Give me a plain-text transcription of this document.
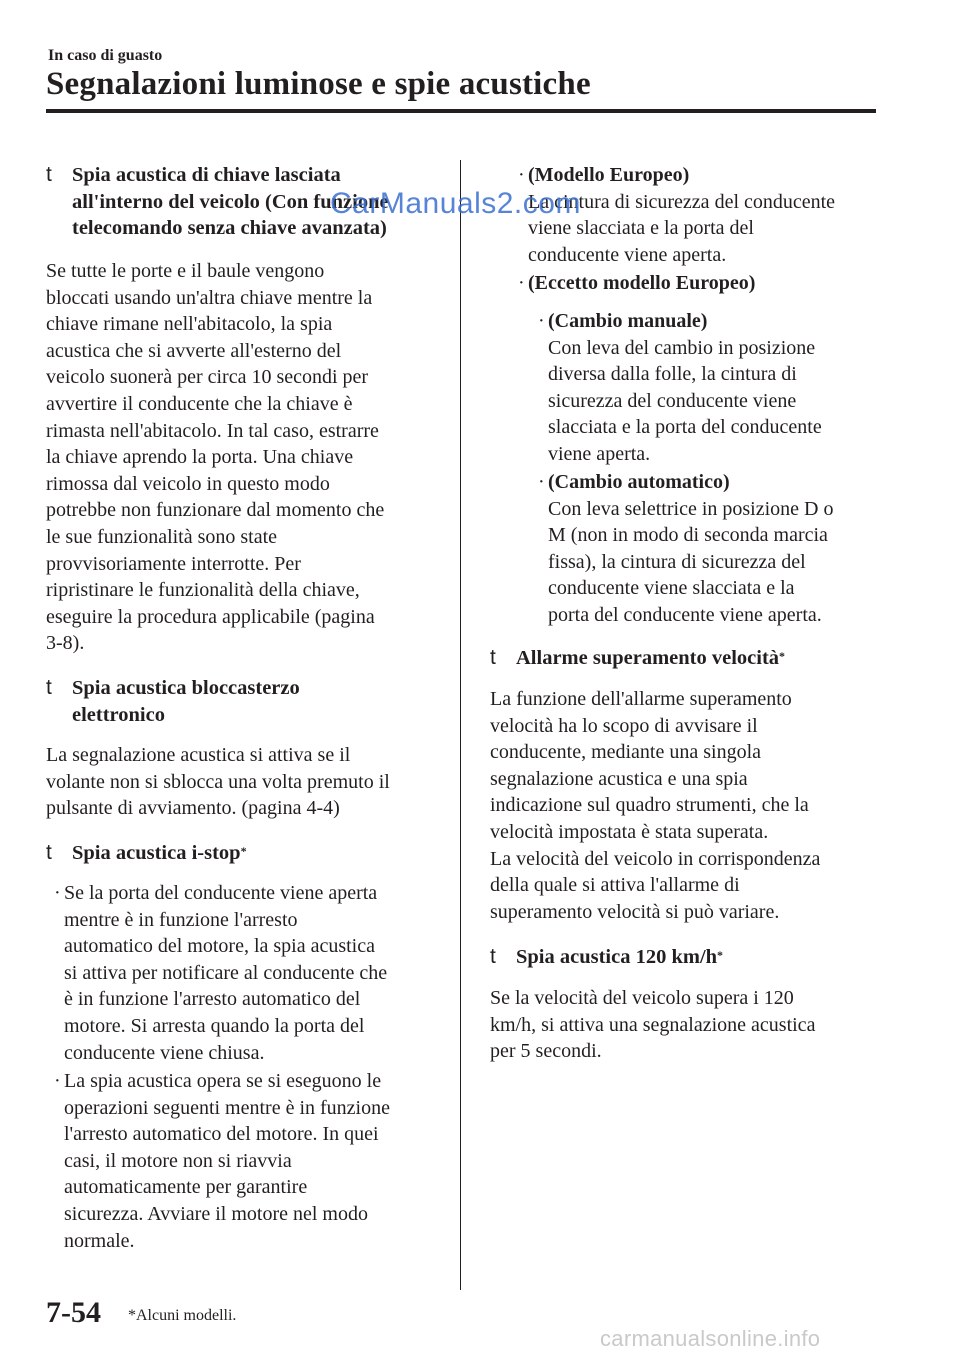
In caso di guasto
Segnalazioni luminose e spie acustiche
t Spia acustica di chiave lasciata
all'interno del veicolo (Con funzione
telecomando senza chiave avanzata)
Se tutte le porte e il baule vengono
bloccati usando un'altra chiave mentre la
chiave rimane nell'abitacolo, la spia
acustica che si avverte all'esterno del
veicolo suonerà per circa 10 secondi per
avvertire il conducente che la chiave è
rimasta nell'abitacolo. In tal caso, estrarre
la chiave aprendo la porta. Una chiave
rimossa dal veicolo in questo modo
potrebbe non funzionare dal momento che
le sue funzionalità sono state
provvisoriamente interrotte. Per
ripristinare le funzionalità della chiave,
eseguire la procedura applicabile (pagina
3-8).
t Spia acustica bloccasterzo
elettronico
La segnalazione acustica si attiva se il
volante non si sblocca una volta premuto il
pulsante di avviamento. (pagina 4-4)
t Spia acustica i-stop*
· Se la porta del conducente viene aperta
mentre è in funzione l'arresto
automatico del motore, la spia acustica
si attiva per notificare al conducente che
è in funzione l'arresto automatico del
motore. Si arresta quando la porta del
conducente viene chiusa.
· La spia acustica opera se si eseguono le
operazioni seguenti mentre è in funzione
l'arresto automatico del motore. In quei
casi, il motore non si riavvia
automaticamente per garantire
sicurezza. Avviare il motore nel modo
normale.
· (Modello Europeo)
La cintura di sicurezza del conducente
viene slacciata e la porta del
conducente viene aperta.
· (Eccetto modello Europeo)
· (Cambio manuale)
Con leva del cambio in posizione
diversa dalla folle, la cintura di
sicurezza del conducente viene
slacciata e la porta del conducente
viene aperta.
· (Cambio automatico)
Con leva selettrice in posizione D o
M (non in modo di seconda marcia
fissa), la cintura di sicurezza del
conducente viene slacciata e la
porta del conducente viene aperta.
t Allarme superamento velocità*
La funzione dell'allarme superamento
velocità ha lo scopo di avvisare il
conducente, mediante una singola
segnalazione acustica e una spia
indicazione sul quadro strumenti, che la
velocità impostata è stata superata.
La velocità del veicolo in corrispondenza
della quale si attiva l'allarme di
superamento velocità si può variare.
t Spia acustica 120 km/h*
Se la velocità del veicolo supera i 120
km/h, si attiva una segnalazione acustica
per 5 secondi.
CarManuals2.com
7-54 *Alcuni modelli.
carmanualsonline.info
